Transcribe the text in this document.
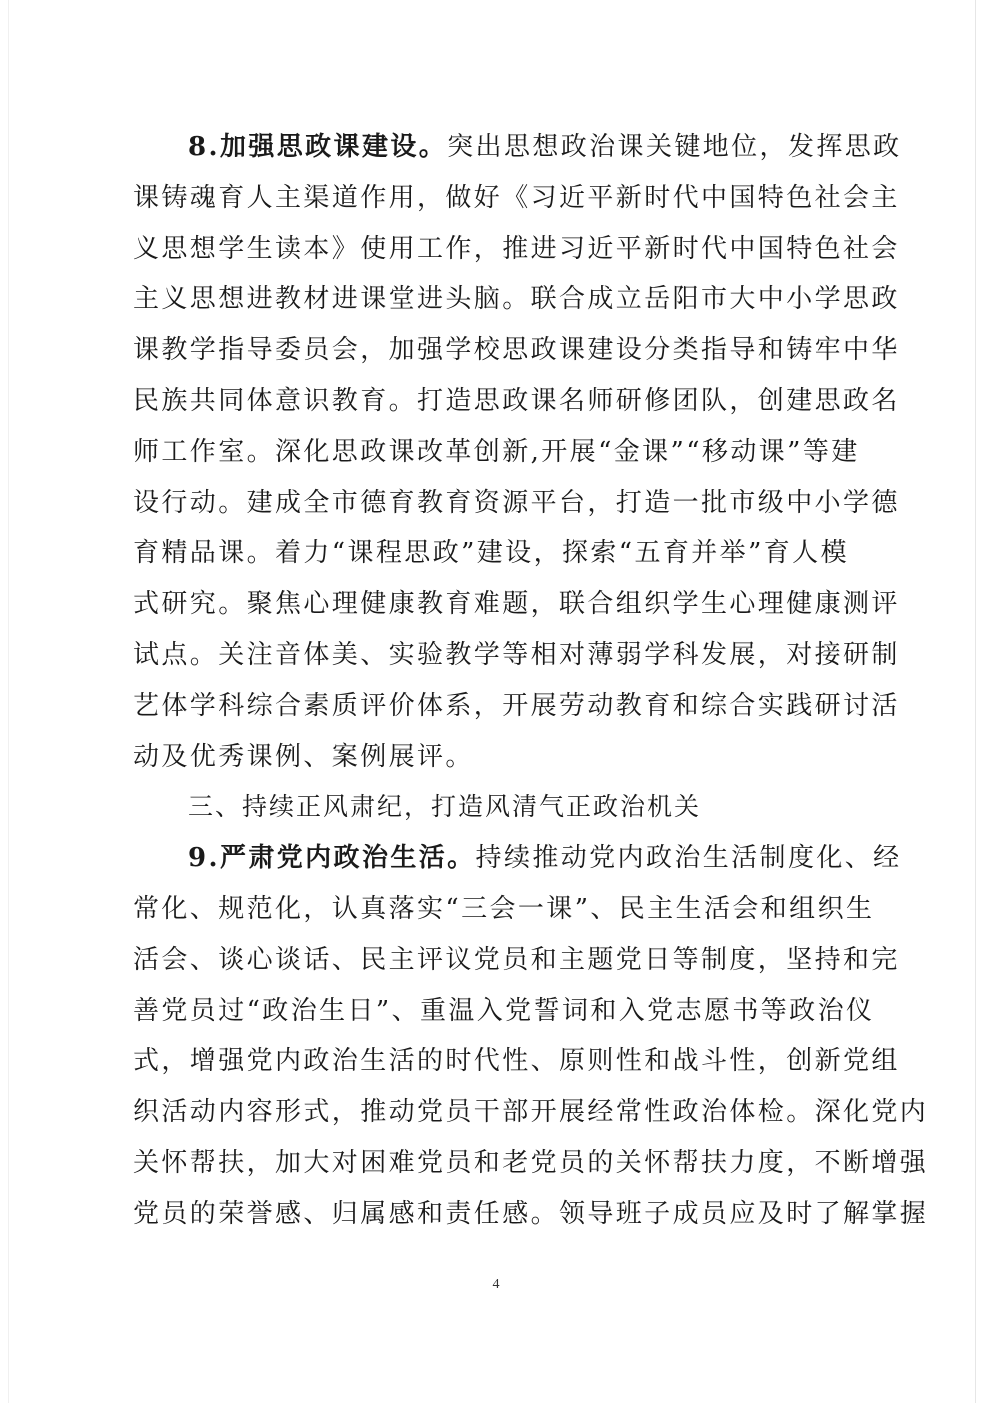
8.加强思政课建设。突出思想政治课关键地位，发挥思政
课铸魂育人主渠道作用，做好《习近平新时代中国特色社会主
义思想学生读本》使用工作，推进习近平新时代中国特色社会
主义思想进教材进课堂进头脑。联合成立岳阳市大中小学思政
课教学指导委员会，加强学校思政课建设分类指导和铸牢中华
民族共同体意识教育。打造思政课名师研修团队，创建思政名
师工作室。深化思政课改革创新,开展“金课”“移动课”等建
设行动。建成全市德育教育资源平台，打造一批市级中小学德
育精品课。着力“课程思政”建设，探索“五育并举”育人模
式研究。聚焦心理健康教育难题，联合组织学生心理健康测评
试点。关注音体美、实验教学等相对薄弱学科发展，对接研制
艺体学科综合素质评价体系，开展劳动教育和综合实践研讨活
动及优秀课例、案例展评。
三、持续正风肃纪，打造风清气正政治机关
9.严肃党内政治生活。持续推动党内政治生活制度化、经
常化、规范化，认真落实“三会一课”、民主生活会和组织生
活会、谈心谈话、民主评议党员和主题党日等制度，坚持和完
善党员过“政治生日”、重温入党誓词和入党志愿书等政治仪
式，增强党内政治生活的时代性、原则性和战斗性，创新党组
织活动内容形式，推动党员干部开展经常性政治体检。深化党内
关怀帮扶，加大对困难党员和老党员的关怀帮扶力度，不断增强
党员的荣誉感、归属感和责任感。领导班子成员应及时了解掌握
4
